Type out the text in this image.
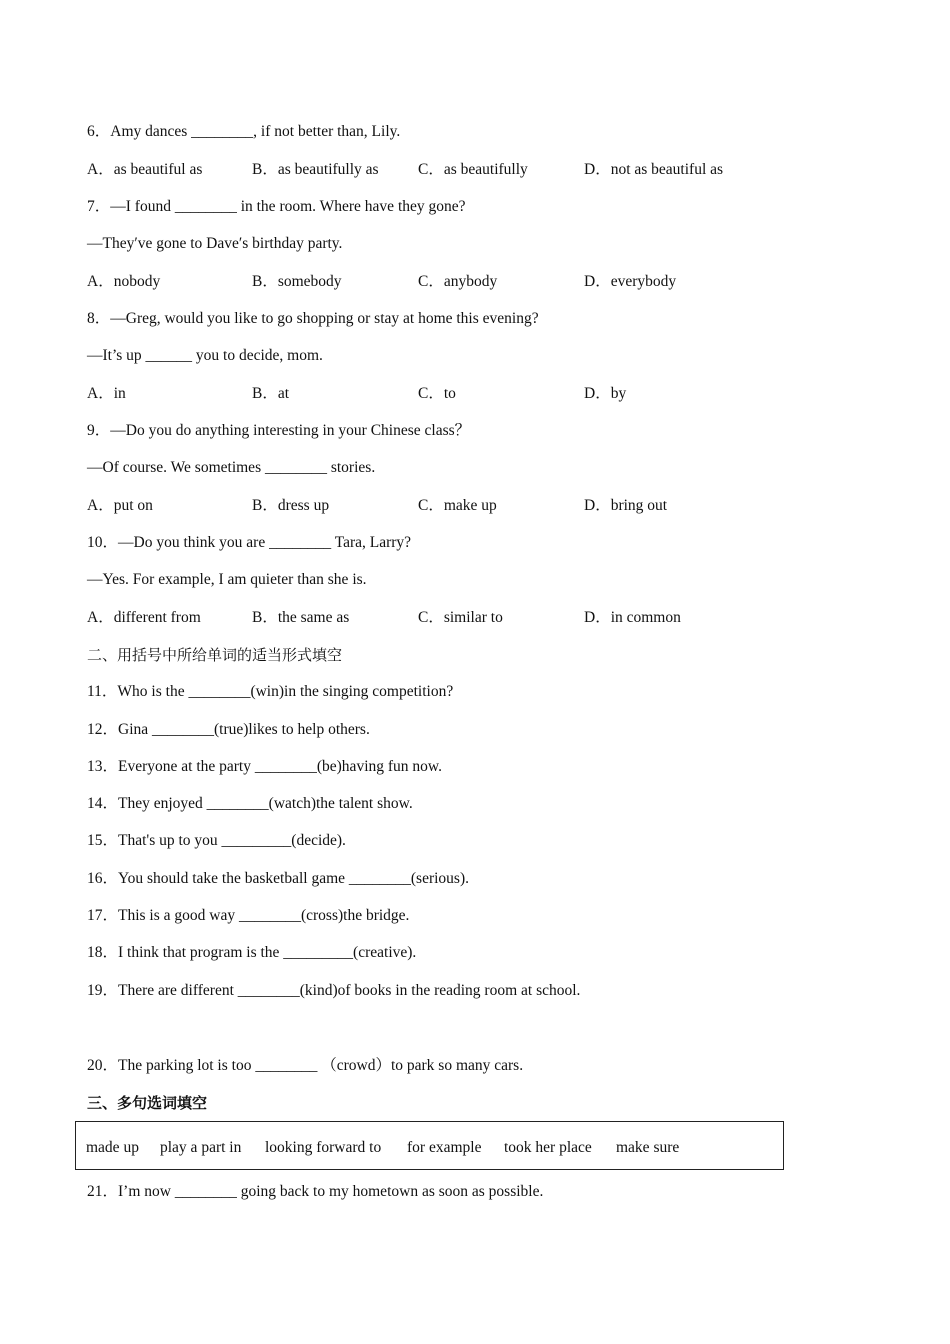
6．Amy dances ________, if not better than, Lily.
A．as beautiful as	B．as beautifully as	C．as beautifully	D．not as beautiful as
7．—I found ________ in the room. Where have they gone?
—They′ve gone to Dave′s birthday party.
A．nobody	B．somebody	C．anybody	D．everybody
8．—Greg, would you like to go shopping or stay at home this evening?
—It’s up ______ you to decide, mom.
A．in	B．at	C．to	D．by
9．—Do you do anything interesting in your Chinese class？
—Of course. We sometimes ________ stories.
A．put on	B．dress up	C．make up	D．bring out
10．—Do you think you are ________ Tara, Larry?
—Yes. For example, I am quieter than she is.
A．different from	B．the same as	C．similar to	D．in common
二、用括号中所给单词的适当形式填空
11．Who is the ________(win)in the singing competition?
12．Gina ________(true)likes to help others.
13．Everyone at the party ________(be)having fun now.
14．They enjoyed ________(watch)the talent show.
15．That's up to you _________(decide).
16．You should take the basketball game ________(serious).
17．This is a good way ________(cross)the bridge.
18．I think that program is the _________(creative).
19．There are different ________(kind)of books in the reading room at school.
20．The parking lot is too ________ （crowd）to park so many cars.
三、多句选词填空
made up play a part in looking forward to for example took her place make sure
21．I’m now ________ going back to my hometown as soon as possible.
